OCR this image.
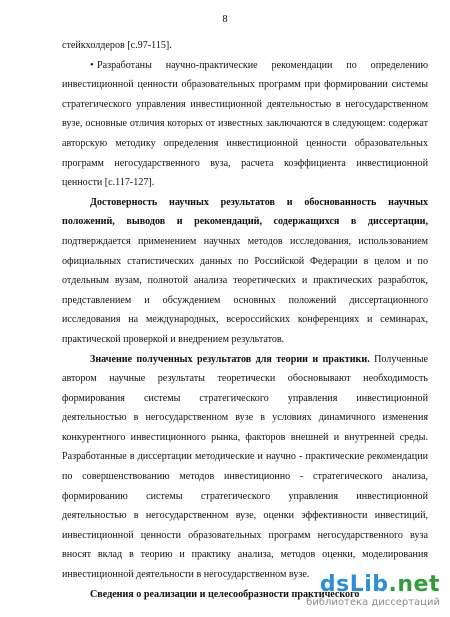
8

стейкхолдеров [с.97-115].

• Разработаны научно-практические рекомендации по определению инвестиционной ценности образовательных программ при формировании системы стратегического управления инвестиционной деятельностью в негосударственном вузе, основные отличия которых от известных заключаются в следующем: содержат авторскую методику определения инвестиционной ценности образовательных программ негосударственного вуза, расчета коэффициента инвестиционной ценности [с.117-127].

Достоверность научных результатов и обоснованность научных положений, выводов и рекомендаций, содержащихся в диссертации, подтверждается применением научных методов исследования, использованием официальных статистических данных по Российской Федерации в целом и по отдельным вузам, полнотой анализа теоретических и практических разработок, представлением и обсуждением основных положений диссертационного исследования на международных, всероссийских конференциях и семинарах, практической проверкой и внедрением результатов.

Значение полученных результатов для теории и практики. Полученные автором научные результаты теоретически обосновывают необходимость формирования системы стратегического управления инвестиционной деятельностью в негосударственном вузе в условиях динамичного изменения конкурентного инвестиционного рынка, факторов внешней и внутренней среды. Разработанные в диссертации методические и научно - практические рекомендации по совершенствованию методов инвестиционно - стратегического анализа, формированию системы стратегического управления инвестиционной деятельностью в негосударственном вузе, оценки эффективности инвестиций, инвестиционной ценности образовательных программ негосударственного вуза вносят вклад в теорию и практику анализа, методов оценки, моделирования инвестиционной деятельности в негосударственном вузе.

Сведения о реализации и целесообразности практического

dsLib.net
библиотека диссертаций
